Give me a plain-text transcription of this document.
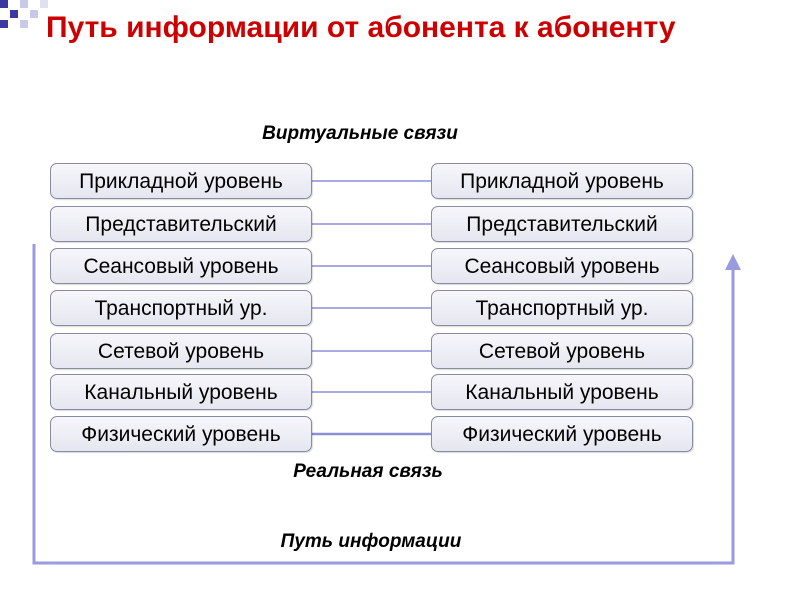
Путь информации от абонента к абоненту
Виртуальные связи
Прикладной уровень
Представительский
Сеансовый уровень
Транспортный ур.
Сетевой уровень
Канальный уровень
Физический уровень
Прикладной уровень
Представительский
Сеансовый уровень
Транспортный ур.
Сетевой уровень
Канальный уровень
Физический уровень
Реальная связь
Путь информации
